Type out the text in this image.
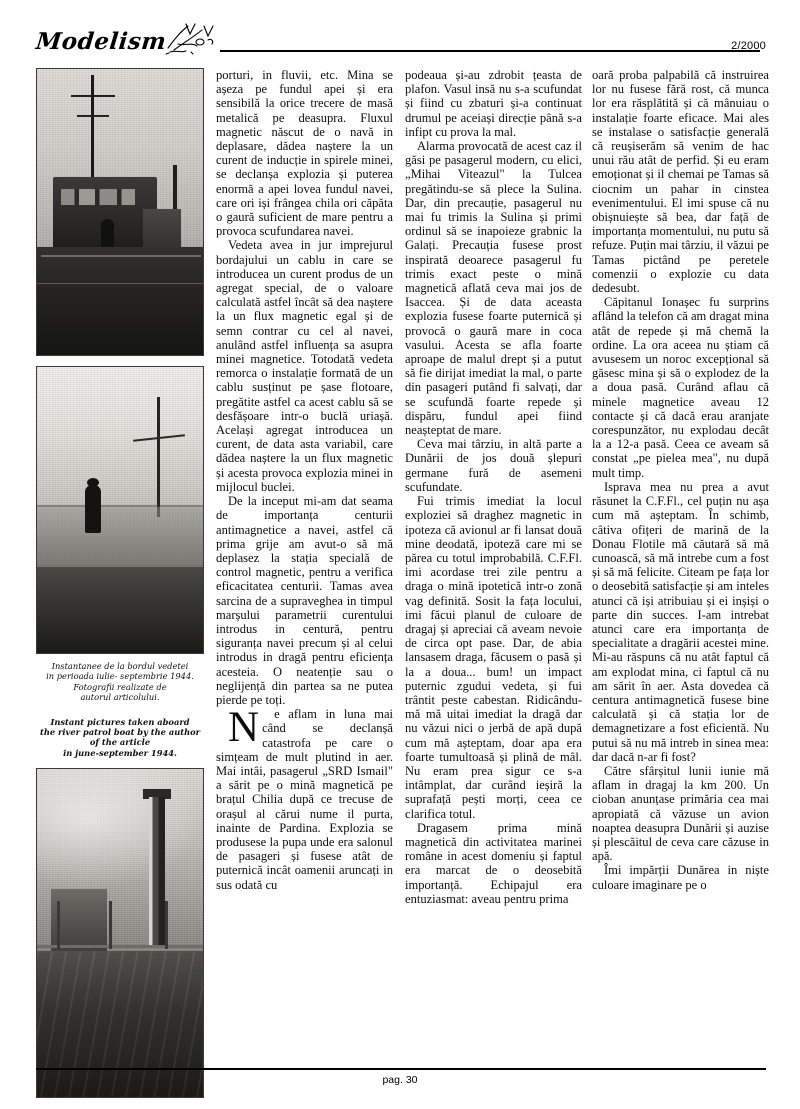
Modelism	2/2000
Instantanee de la bordul vedetei
in perioada iulie- septembrie 1944.
Fotografii realizate de
autorul articolului.
Instant pictures taken aboard
the river patrol boat by the author
of the article
in june-september 1944.

porturi, in fluvii, etc. Mina se așeza pe fundul apei și era sensibilă la orice trecere de masă metalică pe deasupra. Fluxul magnetic născut de o navă in deplasare, dădea naștere la un curent de inducție in spirele minei, se declanșa explozia și puterea enormă a apei lovea fundul navei, care ori iși frângea chila ori căpăta o gaură suficient de mare pentru a provoca scufundarea navei.

Vedeta avea in jur imprejurul bordajului un cablu in care se introducea un curent produs de un agregat special, de o valoare calculată astfel încât să dea naștere la un flux magnetic egal și de semn contrar cu cel al navei, anulând astfel influența sa asupra minei magnetice. Totodată vedeta remorca o instalație formată de un cablu susținut pe șase flotoare, pregătite astfel ca acest cablu să se desfășoare intr-o buclă uriașă. Același agregat introducea un curent, de data asta variabil, care dădea naștere la un flux magnetic și acesta provoca explozia minei in mijlocul buclei.

De la inceput mi-am dat seama de importanța centurii antimagnetice a navei, astfel că prima grije am avut-o să mă deplasez la stația specială de control magnetic, pentru a verifica eficacitatea centurii. Tamas avea sarcina de a supraveghea in timpul marșului parametrii curentului introdus in centură, pentru siguranța navei precum și al celui introdus in dragă pentru eficiența acesteia. O neatenție sau o neglijență din partea sa ne putea pierde pe toți.

N e aflam in luna mai când se declanșă catastrofa pe care o simțeam de mult plutind in aer. Mai intâi, pasagerul „SRD Ismail" a sărit pe o mină magnetică pe brațul Chilia după ce trecuse de orașul al cărui nume il purta, inainte de Pardina. Explozia se produsese la pupa unde era salonul de pasageri și fusese atât de puternică incât oamenii aruncați in sus odată cu

podeaua și-au zdrobit țeasta de plafon. Vasul insă nu s-a scufundat și fiind cu zbaturi și-a continuat drumul pe aceiași direcție până s-a infipt cu prova la mal.

Alarma provocată de acest caz il găsi pe pasagerul modern, cu elici, „Mihai Viteazul" la Tulcea pregătindu-se să plece la Sulina. Dar, din precauție, pasagerul nu mai fu trimis la Sulina și primi ordinul să se inapoieze grabnic la Galați. Precauția fusese prost inspirată deoarece pasagerul fu trimis exact peste o mină magnetică aflată ceva mai jos de Isaccea. Și de data aceasta explozia fusese foarte puternică și provocă o gaură mare in coca vasului. Acesta se afla foarte aproape de malul drept și a putut să fie dirijat imediat la mal, o parte din pasageri putând fi salvați, dar se scufundă foarte repede și dispăru, fundul apei fiind neașteptat de mare.

Ceva mai târziu, in altă parte a Dunării de jos două șlepuri germane fură de asemeni scufundate.

Fui trimis imediat la locul exploziei să draghez magnetic in ipoteza că avionul ar fi lansat două mine deodată, ipoteză care mi se părea cu totul improbabilă. C.F.Fl. imi acordase trei zile pentru a draga o mină ipotetică intr-o zonă vag definită. Sosit la fața locului, imi făcui planul de culoare de dragaj și apreciai că aveam nevoie de circa opt pase. Dar, de abia lansasem draga, făcusem o pasă și la a doua... bum! un impact puternic zgudui vedeta, și fui trântit peste cabestan. Ridicându-mă mă uitai imediat la dragă dar nu văzui nici o jerbă de apă după cum mă așteptam, doar apa era foarte tumultoasă și plină de mâl. Nu eram prea sigur ce s-a intâmplat, dar curând ieșiră la suprafață pești morți, ceea ce clarifica totul.

Dragasem prima mină magnetică din activitatea marinei române in acest domeniu și faptul era marcat de o deosebită importanță. Echipajul era entuziasmat: aveau pentru prima

oară proba palpabilă că instruirea lor nu fusese fără rost, că munca lor era răsplătită și că mânuiau o instalație foarte eficace. Mai ales se instalase o satisfacție generală că reușiserăm să venim de hac unui rău atât de perfid. Și eu eram emoționat și il chemai pe Tamas să ciocnim un pahar in cinstea evenimentului. El imi spuse că nu obișnuiește să bea, dar față de importanța momentului, nu putu să refuze. Puțin mai târziu, il văzui pe Tamas pictând pe peretele comenzii o explozie cu data dedesubt.

Căpitanul Ionașec fu surprins aflând la telefon că am dragat mina atât de repede și mă chemă la ordine. La ora aceea nu știam că avusesem un noroc excepțional să găsesc mina și să o explodez de la a doua pasă. Curând aflau că minele magnetice aveau 12 contacte și că dacă erau aranjate corespunzător, nu explodau decât la a 12-a pasă. Ceea ce aveam să constat „pe pielea mea", nu după mult timp.

Isprava mea nu prea a avut răsunet la C.F.Fl., cel puțin nu așa cum mă așteptam. În schimb, câtiva ofițeri de marină de la Donau Flotile mă căutară să mă cunoască, să mă intrebe cum a fost și să mă felicite. Citeam pe fața lor o deosebită satisfacție și am inteles atunci că iși atribuiau și ei inșiși o parte din succes. I-am intrebat atunci care era importanța de specialitate a dragării acestei mine. Mi-au răspuns că nu atât faptul că am explodat mina, ci faptul că nu am sărit în aer. Asta dovedea că centura antimagnetică fusese bine calculată și că stația lor de demagnetizare a fost eficientă. Nu putui să nu mă intreb in sinea mea: dar dacă n-ar fi fost?

Către sfârșitul lunii iunie mă aflam in dragaj la km 200. Un cioban anunțase primăria cea mai apropiată că văzuse un avion noaptea deasupra Dunării și auzise și plescăitul de ceva care căzuse in apă.

Îmi impărții Dunărea in niște culoare imaginare pe o

pag. 30
